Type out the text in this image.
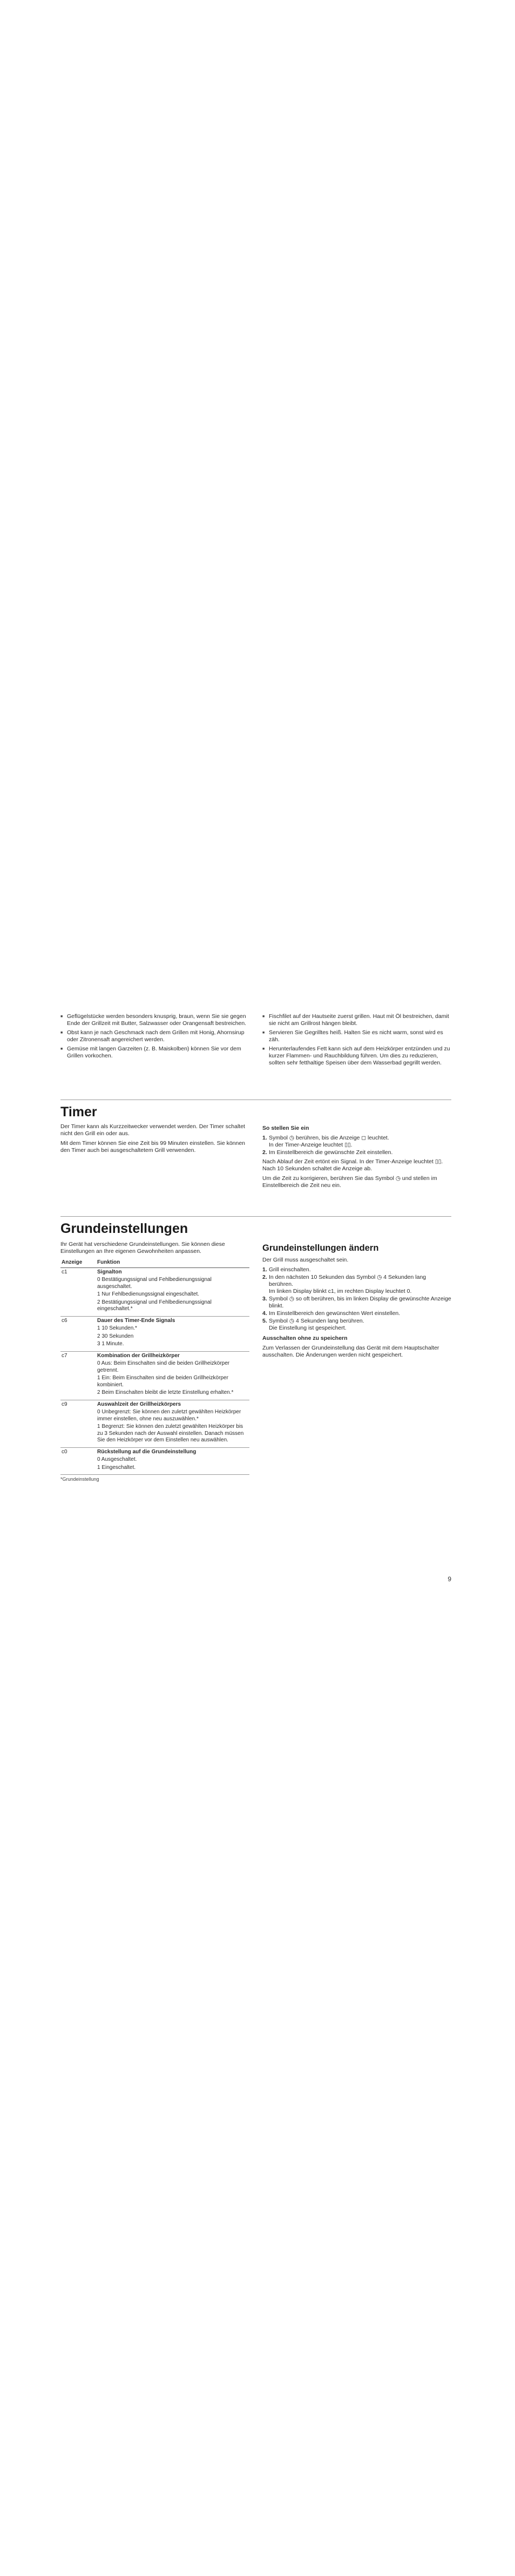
■ Geflügelstücke werden besonders knusprig, braun, wenn Sie sie gegen Ende der Grillzeit mit Butter, Salzwasser oder Orangensaft bestreichen.
■ Obst kann je nach Geschmack nach dem Grillen mit Honig, Ahornsirup oder Zitronensaft angereichert werden.
■ Gemüse mit langen Garzeiten (z. B. Maiskolben) können Sie vor dem Grillen vorkochen.
■ Fischfilet auf der Hautseite zuerst grillen. Haut mit Öl bestreichen, damit sie nicht am Grillrost hängen bleibt.
■ Servieren Sie Gegrilltes heiß. Halten Sie es nicht warm, sonst wird es zäh.
■ Herunterlaufendes Fett kann sich auf dem Heizkörper entzünden und zu kurzer Flammen- und Rauchbildung führen. Um dies zu reduzieren, sollten sehr fetthaltige Speisen über dem Wasserbad gegrillt werden.
Timer

Der Timer kann als Kurzzeitwecker verwendet werden. Der Timer schaltet nicht den Grill ein oder aus.

Mit dem Timer können Sie eine Zeit bis 99 Minuten einstellen. Sie können den Timer auch bei ausgeschaltetem Grill verwenden.

So stellen Sie ein

1. Symbol ◷ berühren, bis die Anzeige ◻ leuchtet.
In der Timer-Anzeige leuchtet ▯▯.
2. Im Einstellbereich die gewünschte Zeit einstellen.

Nach Ablauf der Zeit ertönt ein Signal. In der Timer-Anzeige leuchtet ▯▯. Nach 10 Sekunden schaltet die Anzeige ab.

Um die Zeit zu korrigieren, berühren Sie das Symbol ◷ und stellen im Einstellbereich die Zeit neu ein.

Grundeinstellungen

Ihr Gerät hat verschiedene Grundeinstellungen. Sie können diese Einstellungen an Ihre eigenen Gewohnheiten anpassen.

Anzeige	Funktion
c1	Signalton
0 Bestätigungssignal und Fehlbedienungssignal ausgeschaltet.
1 Nur Fehlbedienungssignal eingeschaltet.
2 Bestätigungssignal und Fehlbedienungssignal eingeschaltet.*

c6	Dauer des Timer-Ende Signals
1 10 Sekunden.*
2 30 Sekunden
3 1 Minute.

c7	Kombination der Grillheizkörper
0 Aus: Beim Einschalten sind die beiden Grillheizkörper getrennt.
1 Ein: Beim Einschalten sind die beiden Grillheizkörper kombiniert.
2 Beim Einschalten bleibt die letzte Einstellung erhalten.*

c9	Auswahlzeit der Grillheizkörpers
0 Unbegrenzt: Sie können den zuletzt gewählten Heizkörper immer einstellen, ohne neu auszuwählen.*
1 Begrenzt: Sie können den zuletzt gewählten Heizkörper bis zu 3 Sekunden nach der Auswahl einstellen. Danach müssen Sie den Heizkörper vor dem Einstellen neu auswählen.

c0	Rückstellung auf die Grundeinstellung
0 Ausgeschaltet.
1 Eingeschaltet.
*Grundeinstellung
Grundeinstellungen ändern

Der Grill muss ausgeschaltet sein.

1. Grill einschalten.
2. In den nächsten 10 Sekunden das Symbol ◷ 4 Sekunden lang berühren.
Im linken Display blinkt c1, im rechten Display leuchtet 0.
3. Symbol ◷ so oft berühren, bis im linken Display die gewünschte Anzeige blinkt.
4. Im Einstellbereich den gewünschten Wert einstellen.
5. Symbol ◷ 4 Sekunden lang berühren.
Die Einstellung ist gespeichert.

Ausschalten ohne zu speichern

Zum Verlassen der Grundeinstellung das Gerät mit dem Hauptschalter ausschalten. Die Änderungen werden nicht gespeichert.

9
